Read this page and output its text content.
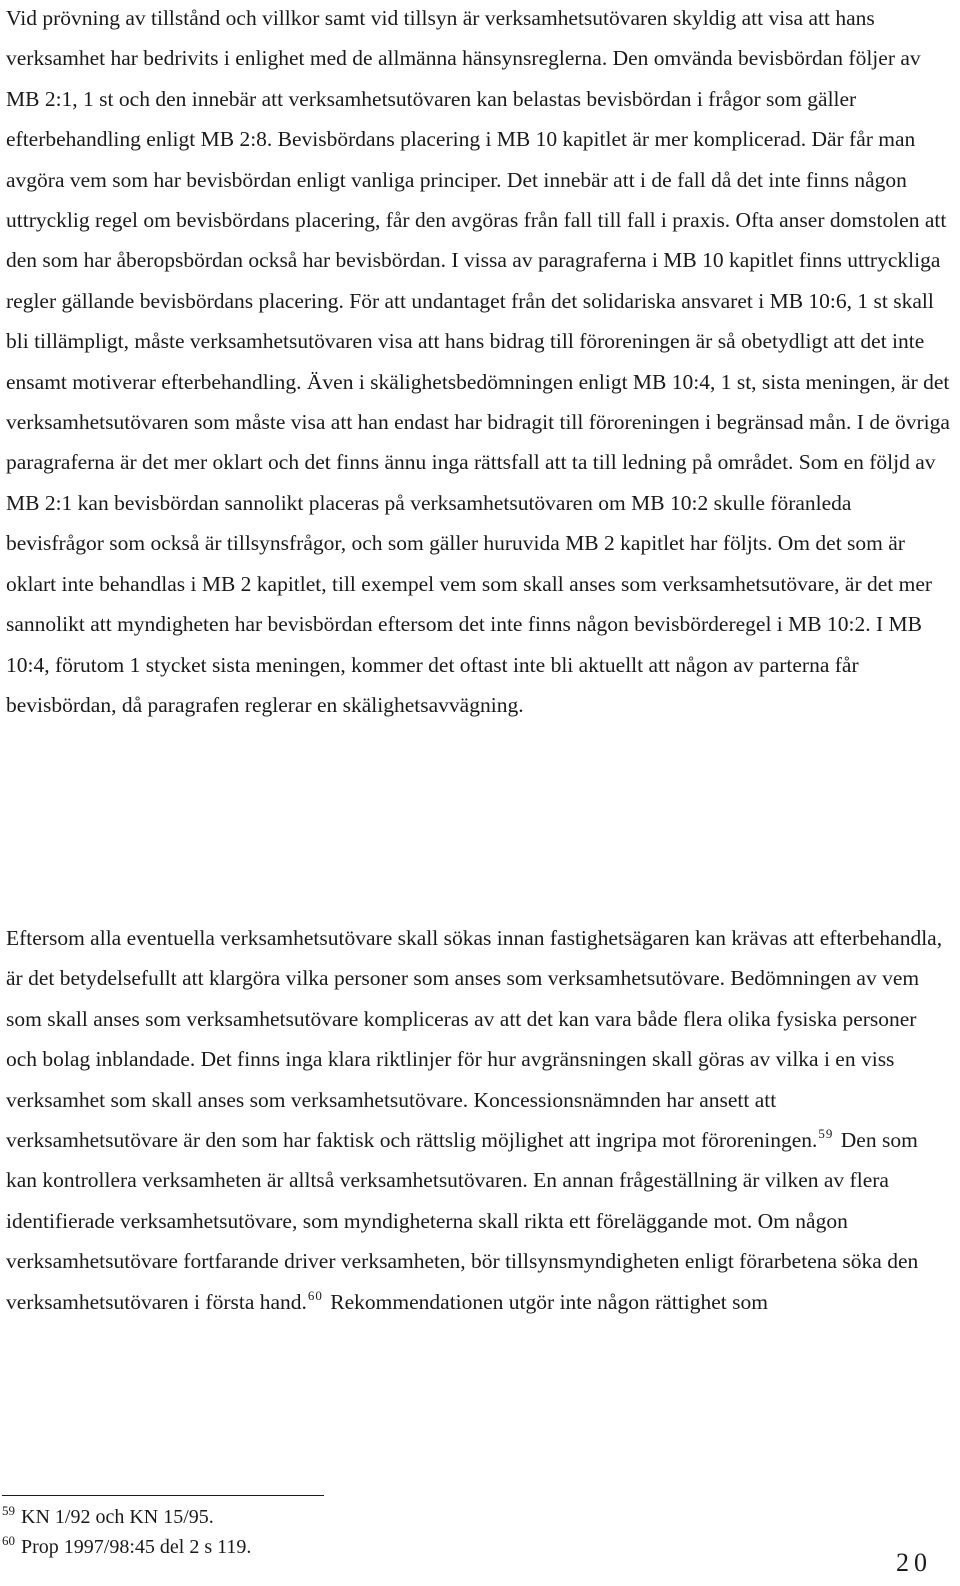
Vid prövning av tillstånd och villkor samt vid tillsyn är verksamhetsutövaren skyldig att visa att hans verksamhet har bedrivits i enlighet med de allmänna hänsynsreglerna. Den omvända bevisbördan följer av MB 2:1, 1 st och den innebär att verksamhetsutövaren kan belastas bevisbördan i frågor som gäller efterbehandling enligt MB 2:8. Bevisbördans placering i MB 10 kapitlet är mer komplicerad. Där får man avgöra vem som har bevisbördan enligt vanliga principer. Det innebär att i de fall då det inte finns någon uttrycklig regel om bevisbördans placering, får den avgöras från fall till fall i praxis. Ofta anser domstolen att den som har åberopsbördan också har bevisbördan. I vissa av paragraferna i MB 10 kapitlet finns uttryckliga regler gällande bevisbördans placering. För att undantaget från det solidariska ansvaret i MB 10:6, 1 st skall bli tillämpligt, måste verksamhetsutövaren visa att hans bidrag till föroreningen är så obetydligt att det inte ensamt motiverar efterbehandling. Även i skälighetsbedömningen enligt MB 10:4, 1 st, sista meningen, är det verksamhetsutövaren som måste visa att han endast har bidragit till föroreningen i begränsad mån. I de övriga paragraferna är det mer oklart och det finns ännu inga rättsfall att ta till ledning på området. Som en följd av MB 2:1 kan bevisbördan sannolikt placeras på verksamhetsutövaren om MB 10:2 skulle föranleda bevisfrågor som också är tillsynsfrågor, och som gäller huruvida MB 2 kapitlet har följts. Om det som är oklart inte behandlas i MB 2 kapitlet, till exempel vem som skall anses som verksamhetsutövare, är det mer sannolikt att myndigheten har bevisbördan eftersom det inte finns någon bevisbörderegel i MB 10:2. I MB 10:4, förutom 1 stycket sista meningen, kommer det oftast inte bli aktuellt att någon av parterna får bevisbördan, då paragrafen reglerar en skälighetsavvägning.

Eftersom alla eventuella verksamhetsutövare skall sökas innan fastighetsägaren kan krävas att efterbehandla, är det betydelsefullt att klargöra vilka personer som anses som verksamhetsutövare. Bedömningen av vem som skall anses som verksamhetsutövare kompliceras av att det kan vara både flera olika fysiska personer och bolag inblandade. Det finns inga klara riktlinjer för hur avgränsningen skall göras av vilka i en viss verksamhet som skall anses som verksamhetsutövare. Koncessionsnämnden har ansett att verksamhetsutövare är den som har faktisk och rättslig möjlighet att ingripa mot föroreningen.$^{59}$ Den som kan kontrollera verksamheten är alltså verksamhetsutövaren. En annan frågeställning är vilken av flera identifierade verksamhetsutövare, som myndigheterna skall rikta ett föreläggande mot. Om någon verksamhetsutövare fortfarande driver verksamheten, bör tillsynsmyndigheten enligt förarbetena söka den verksamhetsutövaren i första hand.$^{60}$ Rekommendationen utgör inte någon rättighet som

$^{59}$ KN 1/92 och KN 15/95.
$^{60}$ Prop 1997/98:45 del 2 s 119.
20
